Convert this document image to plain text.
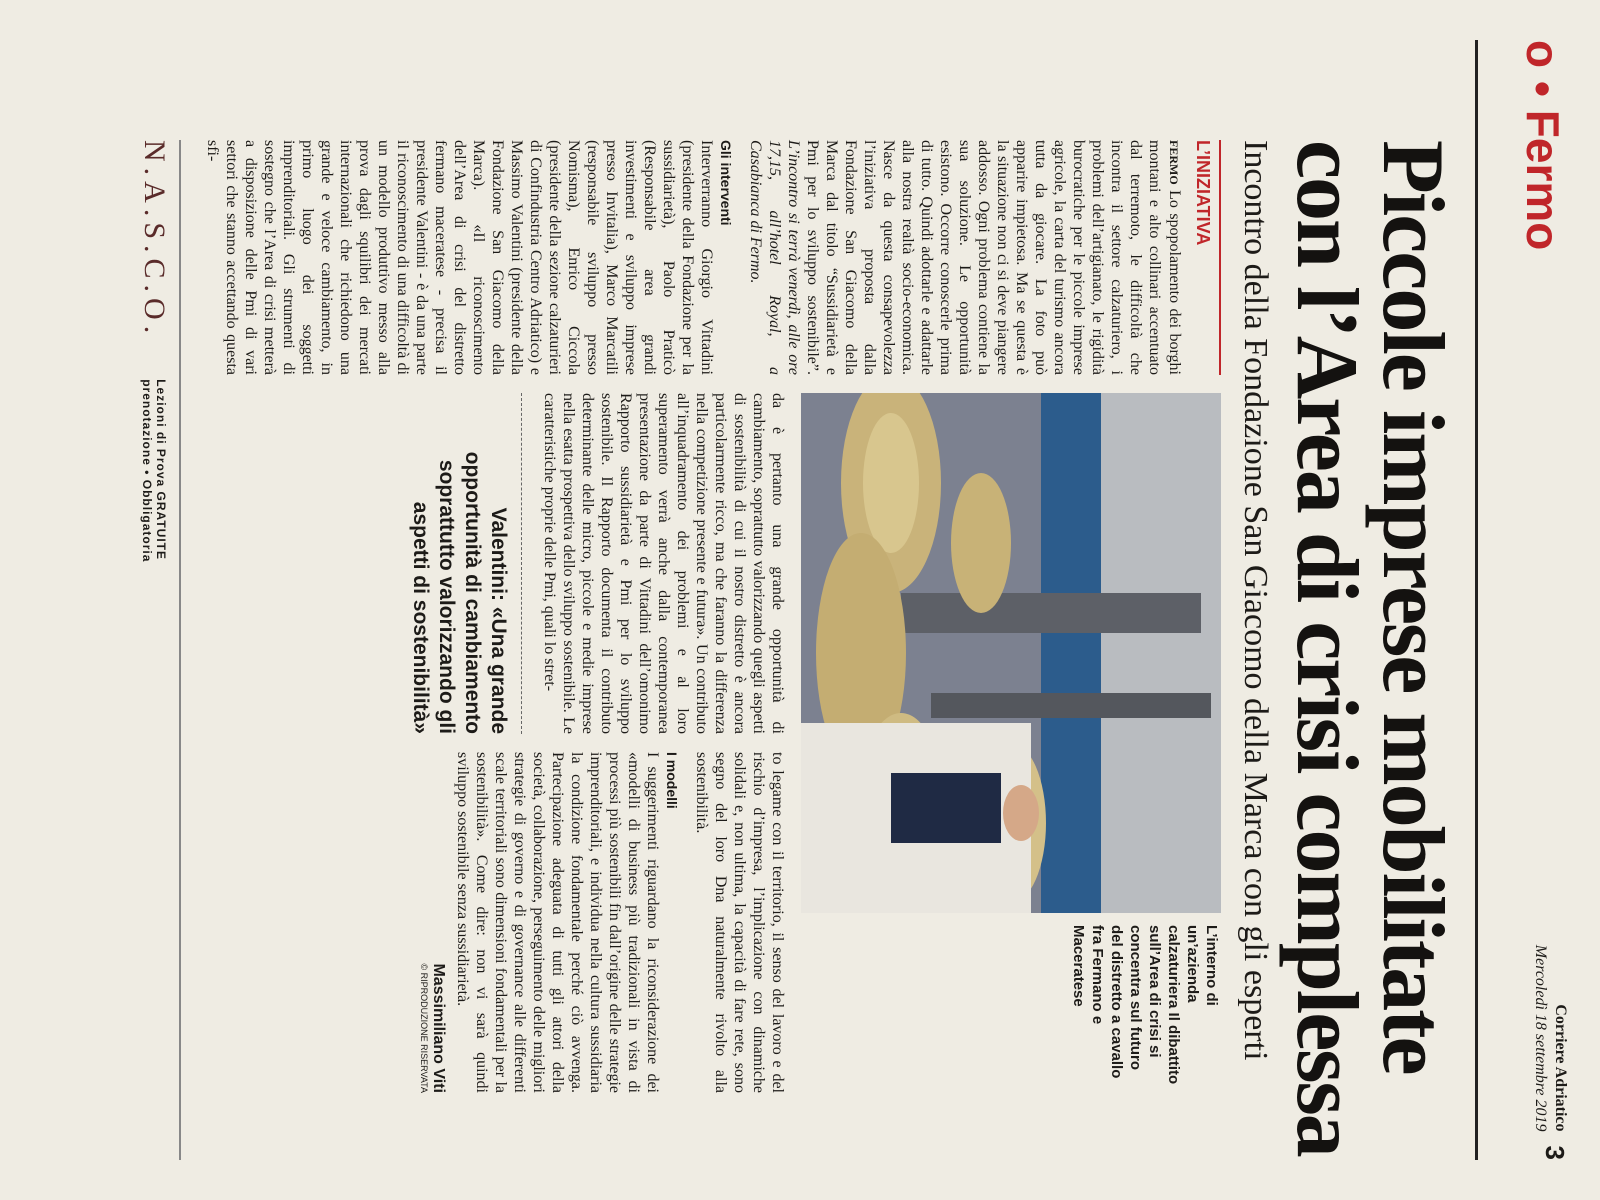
o • Fermo
Corriere Adriatico
Mercoledì 18 settembre 2019
3
Piccole imprese mobilitate
con l’Area di crisi complessa
Incontro della Fondazione San Giacomo della Marca con gli esperti
L’INIZIATIVA

FERMO Lo spopolamento dei borghi montani e alto collinari accentuato dal terremoto, le difficoltà che incontra il settore calzaturiero, i problemi dell’artigianato, le rigidità burocratiche per le piccole imprese agricole, la carta del turismo ancora tutta da giocare. La foto può apparire impietosa. Ma se questa è la situazione non ci si deve piangere addosso. Ogni problema contiene la sua soluzione. Le opportunità esistono. Occorre conoscerle prima di tutto. Quindi adottarle e adattarle alla nostra realtà socio-economica. Nasce da questa consapevolezza l’iniziativa proposta dalla Fondazione San Giacomo della Marca dal titolo “Sussidiarietà e Pmi per lo sviluppo sostenibile”. L’incontro si terrà venerdì, alle ore 17,15, all’hotel Royal, a Casabianca di Fermo.

Gli interventi

Interverranno Giorgio Vittadini (presidente della Fondazione per la sussidiarietà), Paolo Praticò (Responsabile area grandi investimenti e sviluppo imprese presso Invitalia), Marco Marcatili (responsabile sviluppo presso Nomisma), Enrico Ciccola (presidente della sezione calzaturieri di Confindustria Centro Adriatico) e Massimo Valentini (presidente della Fondazione San Giacomo della Marca). «Il riconoscimento dell’Area di crisi del distretto fermano maceratese - precisa il presidente Valentini - è da una parte il riconoscimento di una difficoltà di un modello produttivo messo alla prova dagli squilibri dei mercati internazionali che richiedono una grande e veloce cambiamento, in primo luogo dei soggetti imprenditoriali. Gli strumenti di sostegno che l’Area di crisi metterà a disposizione delle Pmi di vari settori che stanno accettando questa sfi-

L’interno di un’azienda calzaturiera Il dibattito sull’Area di crisi si concentra sul futuro del distretto a cavallo fra Fermano e Maceratese

da è pertanto una grande opportunità di cambiamento, soprattutto valorizzando quegli aspetti di sostenibilità di cui il nostro distretto è ancora particolarmente ricco, ma che faranno la differenza nella competizione presente e futura». Un contributo all’inquadramento dei problemi e al loro superamento verrà anche dalla contemporanea presentazione da parte di Vittadini dell’omonimo Rapporto sussidiarietà e Pmi per lo sviluppo sostenibile. Il Rapporto documenta il contributo determinante delle micro, piccole e medie imprese nella esatta prospettiva dello sviluppo sostenibile. Le caratteristiche proprie delle Pmi, quali lo stret-

Valentini: «Una grande opportunità di cambiamento soprattutto valorizzando gli aspetti di sostenibilità»

to legame con il territorio, il senso del lavoro e del rischio d’impresa, l’implicazione con dinamiche solidali e, non ultima, la capacità di fare rete, sono segno del loro Dna naturalmente rivolto alla sostenibilità.

I modelli

I suggerimenti riguardano la riconsiderazione dei «modelli di business più tradizionali in vista di processi più sostenibili fin dall’origine delle strategie imprenditoriali, e individua nella cultura sussidiaria la condizione fondamentale perché ciò avvenga. Partecipazione adeguata di tutti gli attori della società, collaborazione, perseguimento delle migliori strategie di governo e di governance alle differenti scale territoriali sono dimensioni fondamentali per la sostenibilità». Come dire: non vi sarà quindi sviluppo sostenibile senza sussidiarietà.

Massimiliano Viti
© RIPRODUZIONE RISERVATA
N.A.S.C.O.
Lezioni di Prova GRATUITE
prenotazione • Obbligatoria
